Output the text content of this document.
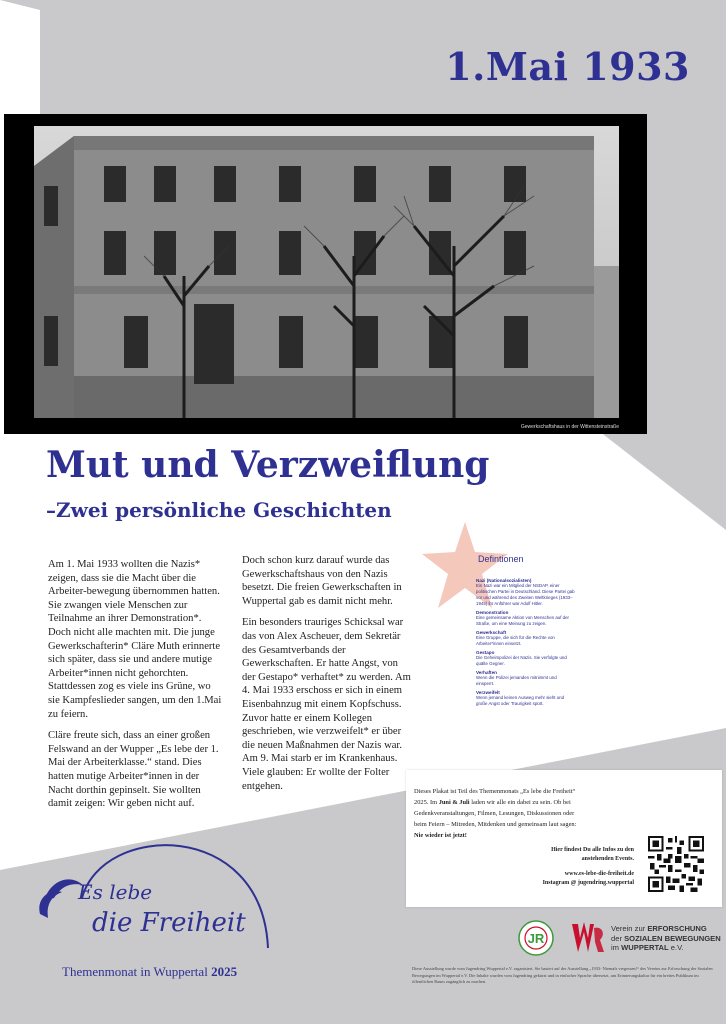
1.Mai 1933
Gewerkschaftshaus in der Wittensteinstraße
Mut und Verzweiflung
–Zwei persönliche Geschichten

Am 1. Mai 1933 wollten die Nazis* zeigen, dass sie die Macht über die Arbeiter-bewegung übernommen hatten. Sie zwangen viele Menschen zur Teilnahme an ihrer Demonstration*. Doch nicht alle machten mit. Die junge Gewerkschafterin* Cläre Muth erinnerte sich später, dass sie und andere mutige Arbeiter*innen nicht gehorchten. Stattdessen zog es viele ins Grüne, wo sie Kampfeslieder sangen, um den 1.Mai zu feiern.

Cläre freute sich, dass an einer großen Felswand an der Wupper „Es lebe der 1. Mai der Arbeiterklasse.“ stand. Dies hatten mutige Arbeiter*innen in der Nacht dorthin gepinselt. Sie wollten damit zeigen: Wir geben nicht auf.

Doch schon kurz darauf wurde das Gewerkschaftshaus von den Nazis besetzt. Die freien Gewerkschaften in Wuppertal gab es damit nicht mehr.

Ein besonders trauriges Schicksal war das von Alex Ascheuer, dem Sekretär des Gesamtverbands der Gewerkschaften. Er hatte Angst, von der Gestapo* verhaftet* zu werden. Am 4. Mai 1933 erschoss er sich in einem Eisenbahnzug mit einem Kopfschuss. Zuvor hatte er einem Kollegen geschrieben, wie verzweifelt* er über die neuen Maßnahmen der Nazis war. Am 9. Mai starb er im Krankenhaus. Viele glauben: Er wollte der Folter entgehen.

Defintionen
Nazi (Nationalsozialisten)
Ein Nazi war ein Mitglied der NSDAP, einer politischen Partei in Deutschland. Diese Partei gab vor und während des Zweiten Weltkrieges (1933–1945) ihr Anführer war Adolf Hitler.
Demonstration
Eine gemeinsame Aktion von Menschen auf der Straße, um eine Meinung zu zeigen.
Gewerkschaft
Eine Gruppe, die sich für die Rechte von Arbeiter*innen einsetzt.
Gestapo
Die Geheimpolizei der Nazis. Sie verfolgte und quälte Gegner.
Verhaften
Wenn die Polizei jemanden mitnimmt und einsperrt.
Verzweifelt
Wenn jemand keinen Ausweg mehr sieht und große Angst oder Traurigkeit spürt.
Dieses Plakat ist Teil des Themenmonats „Es lebe die Freiheit“
2025. Im Juni & Juli laden wir alle ein dabei zu sein. Ob bei
Gedenkveranstaltungen, Filmen, Lesungen, Diskussionen oder
beim Feiern – Mitreden, Mitdenken und gemeinsam laut sagen:
Nie wieder ist jetzt!
Hier findest Du alle Infos zu den
anstehenden Events.
www.es-lebe-die-freiheit.de
Instagram @ jugendring.wuppertal
Es lebe
die Freiheit
Themenmonat in Wuppertal 2025
JR
Verein zur ERFORSCHUNG
der SOZIALEN BEWEGUNGEN
im WUPPERTAL e.V.
Diese Ausstellung wurde vom Jugendring Wuppertal e.V. organisiert. Sie basiert auf der Ausstellung „1933- Niemals vergessen!“ des Vereins zur Erforschung der Sozialen Bewegungen im Wuppertal e.V. Die Inhalte wurden vom Jugendring gekürzt und in einfacher Sprache übersetzt, um Erinnerungskultur für ein breites Publikum im öffentlichen Raum zugänglich zu machen.
